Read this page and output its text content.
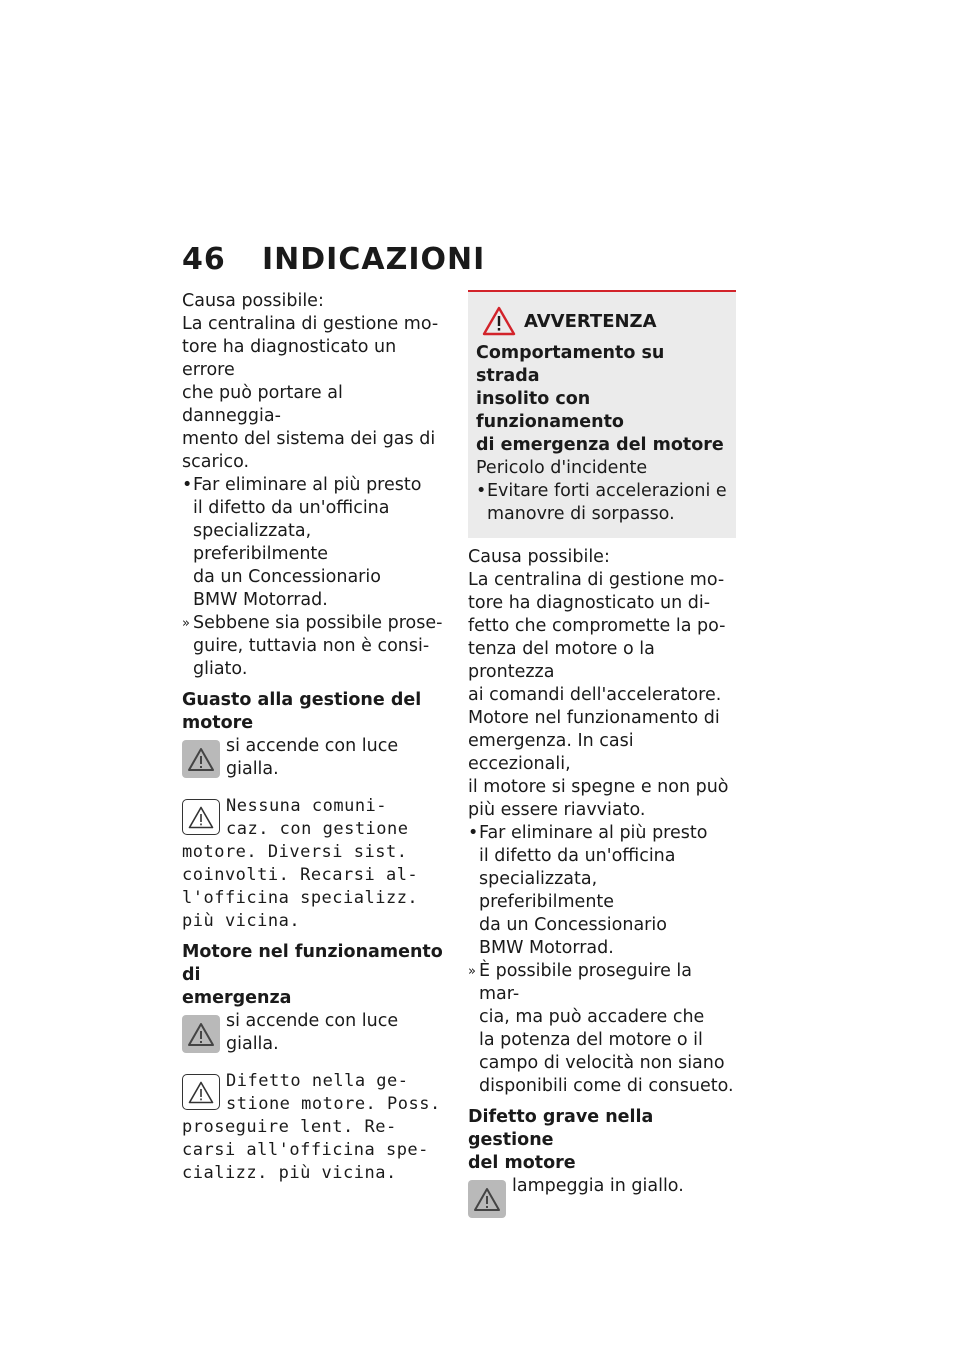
46 INDICAZIONI

Causa possibile:

La centralina di gestione mo-
tore ha diagnosticato un errore
che può portare al danneggia-
mento del sistema dei gas di
scarico.
• Far eliminare al più presto
il difetto da un'officina
specializzata, preferibilmente
da un Concessionario
BMW Motorrad.
» Sebbene sia possibile prose-
guire, tuttavia non è consi-
gliato.
Guasto alla gestione del
motore
si accende con luce gialla.
Nessuna comuni-
caz. con gestione
motore. Diversi sist.
coinvolti. Recarsi al-
l'officina specializz.
più vicina.
Motore nel funzionamento di
emergenza
si accende con luce gialla.
Difetto nella ge-
stione motore. Poss.
proseguire lent. Re-
carsi all'officina spe-
cializz. più vicina.
AVVERTENZA
Comportamento su strada
insolito con funzionamento
di emergenza del motore
Pericolo d'incidente
• Evitare forti accelerazioni e
manovre di sorpasso.

Causa possibile:

La centralina di gestione mo-
tore ha diagnosticato un di-
fetto che compromette la po-
tenza del motore o la prontezza
ai comandi dell'acceleratore.
Motore nel funzionamento di
emergenza. In casi eccezionali,
il motore si spegne e non può
più essere riavviato.
• Far eliminare al più presto
il difetto da un'officina
specializzata, preferibilmente
da un Concessionario
BMW Motorrad.
» È possibile proseguire la mar-
cia, ma può accadere che
la potenza del motore o il
campo di velocità non siano
disponibili come di consueto.
Difetto grave nella gestione
del motore
lampeggia in giallo.
